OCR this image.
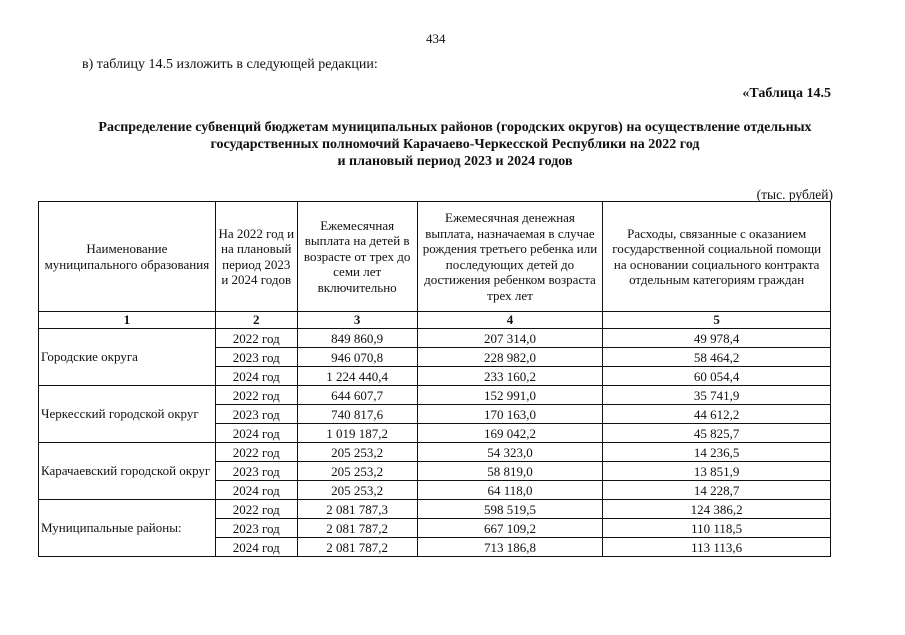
434
в) таблицу 14.5 изложить в следующей редакции:
«Таблица 14.5
Распределение субвенций бюджетам муниципальных районов (городских округов) на осуществление отдельных
государственных полномочий Карачаево-Черкесской Республики на 2022 год
и плановый период 2023 и 2024 годов
(тыс. рублей)
Наименование муниципального образования	На 2022 год и на плановый период 2023 и 2024 годов	Ежемесячная выплата на детей в возрасте от трех до семи лет включительно	Ежемесячная денежная выплата, назначаемая в случае рождения третьего ребенка или последующих детей до достижения ребенком возраста трех лет	Расходы, связанные с оказанием государственной социальной помощи на основании социального контракта отдельным категориям граждан
1	2	3	4	5
Городские округа	2022 год	849 860,9	207 314,0	49 978,4
	2023 год	946 070,8	228 982,0	58 464,2
	2024 год	1 224 440,4	233 160,2	60 054,4
Черкесский городской округ	2022 год	644 607,7	152 991,0	35 741,9
	2023 год	740 817,6	170 163,0	44 612,2
	2024 год	1 019 187,2	169 042,2	45 825,7
Карачаевский городской округ	2022 год	205 253,2	54 323,0	14 236,5
	2023 год	205 253,2	58 819,0	13 851,9
	2024 год	205 253,2	64 118,0	14 228,7
Муниципальные районы:	2022 год	2 081 787,3	598 519,5	124 386,2
	2023 год	2 081 787,2	667 109,2	110 118,5
	2024 год	2 081 787,2	713 186,8	113 113,6
